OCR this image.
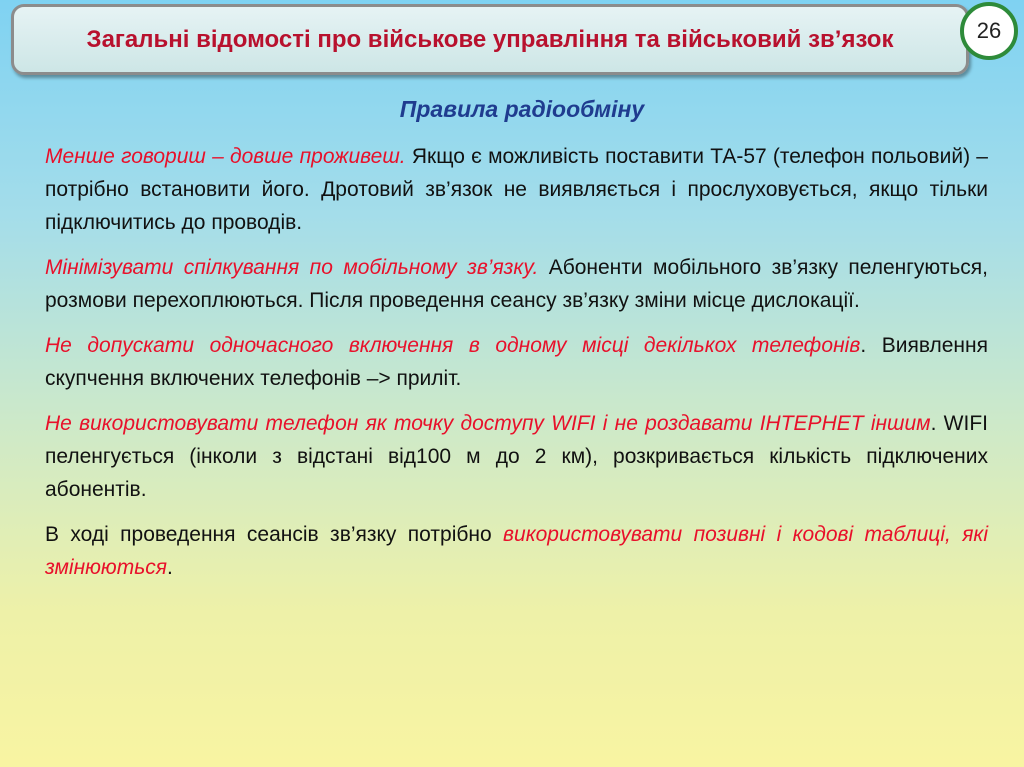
Загальні відомості про військове управління та військовий зв’язок	26
Правила радіообміну

Менше говориш – довше проживеш. Якщо є можливість поставити ТА-57 (телефон польовий) – потрібно встановити його. Дротовий зв’язок не виявляється і прослуховується, якщо тільки підключитись до проводів.

Мінімізувати спілкування по мобільному зв’язку. Абоненти мобільного зв’язку пеленгуються, розмови перехоплюються. Після проведення сеансу зв’язку зміни місце дислокації.

Не допускати одночасного включення в одному місці декількох телефонів. Виявлення скупчення включених телефонів –> приліт.

Не використовувати телефон як точку доступу WIFI і не роздавати ІНТЕРНЕТ іншим. WIFI пеленгується (інколи з відстані від100 м до 2 км), розкривається кількість підключених абонентів.

В ході проведення сеансів зв’язку потрібно використовувати позивні і кодові таблиці, які змінюються.
